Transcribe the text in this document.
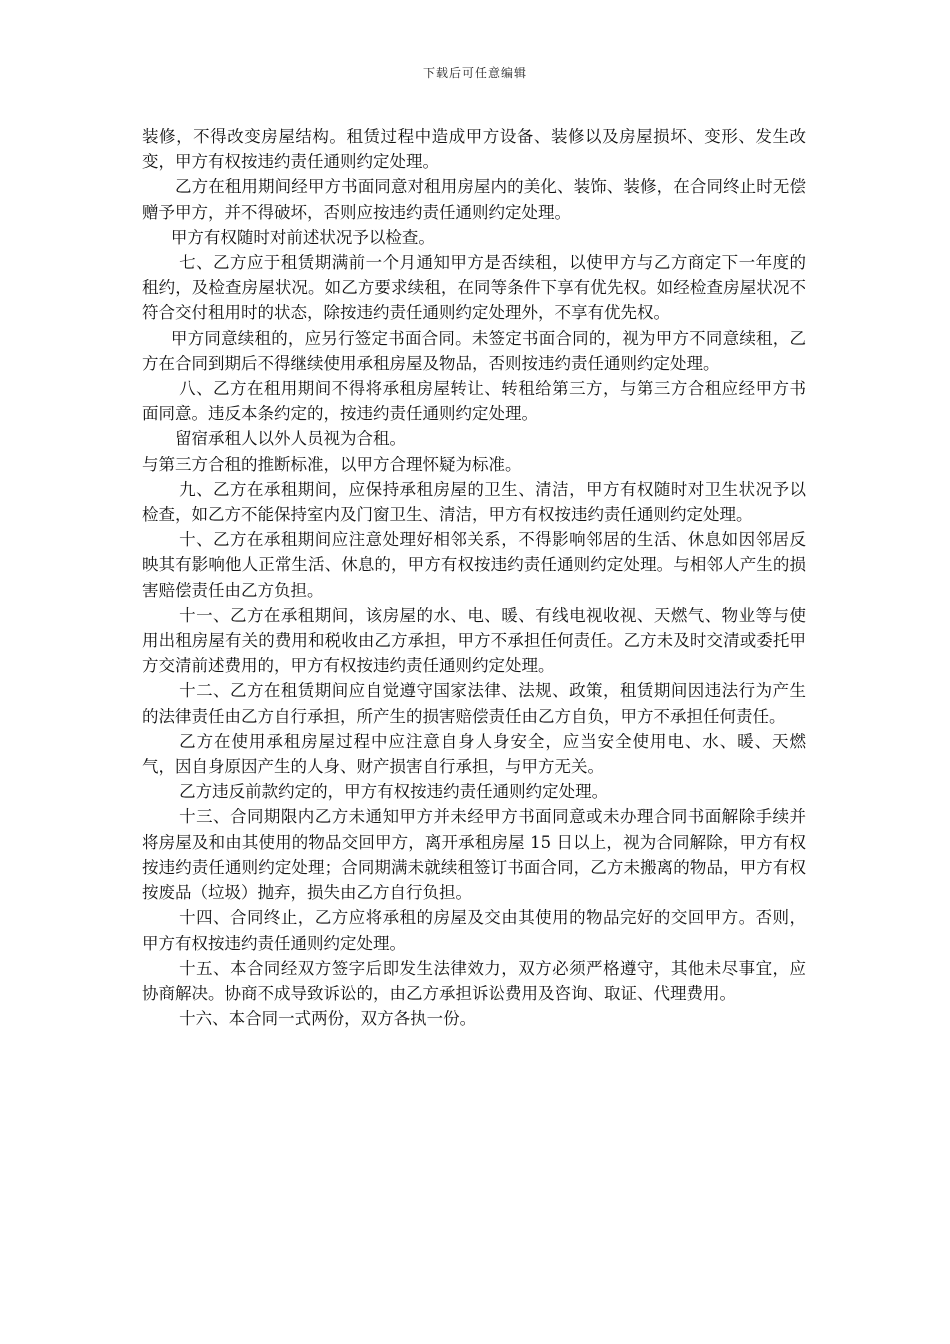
下载后可任意编辑

装修，不得改变房屋结构。租赁过程中造成甲方设备、装修以及房屋损坏、变形、发生改变，甲方有权按违约责任通则约定处理。

乙方在租用期间经甲方书面同意对租用房屋内的美化、装饰、装修，在合同终止时无偿赠予甲方，并不得破坏，否则应按违约责任通则约定处理。

甲方有权随时对前述状况予以检查。

七、乙方应于租赁期满前一个月通知甲方是否续租，以使甲方与乙方商定下一年度的租约，及检查房屋状况。如乙方要求续租，在同等条件下享有优先权。如经检查房屋状况不符合交付租用时的状态，除按违约责任通则约定处理外，不享有优先权。

甲方同意续租的，应另行签定书面合同。未签定书面合同的，视为甲方不同意续租，乙方在合同到期后不得继续使用承租房屋及物品，否则按违约责任通则约定处理。

八、乙方在租用期间不得将承租房屋转让、转租给第三方，与第三方合租应经甲方书面同意。违反本条约定的，按违约责任通则约定处理。

留宿承租人以外人员视为合租。

与第三方合租的推断标准，以甲方合理怀疑为标准。

九、乙方在承租期间，应保持承租房屋的卫生、清洁，甲方有权随时对卫生状况予以检查，如乙方不能保持室内及门窗卫生、清洁，甲方有权按违约责任通则约定处理。

十、乙方在承租期间应注意处理好相邻关系，不得影响邻居的生活、休息如因邻居反映其有影响他人正常生活、休息的，甲方有权按违约责任通则约定处理。与相邻人产生的损害赔偿责任由乙方负担。

十一、乙方在承租期间，该房屋的水、电、暖、有线电视收视、天燃气、物业等与使用出租房屋有关的费用和税收由乙方承担，甲方不承担任何责任。乙方未及时交清或委托甲方交清前述费用的，甲方有权按违约责任通则约定处理。

十二、乙方在租赁期间应自觉遵守国家法律、法规、政策，租赁期间因违法行为产生的法律责任由乙方自行承担，所产生的损害赔偿责任由乙方自负，甲方不承担任何责任。

乙方在使用承租房屋过程中应注意自身人身安全，应当安全使用电、水、暖、天燃气，因自身原因产生的人身、财产损害自行承担，与甲方无关。

乙方违反前款约定的，甲方有权按违约责任通则约定处理。

十三、合同期限内乙方未通知甲方并未经甲方书面同意或未办理合同书面解除手续并将房屋及和由其使用的物品交回甲方，离开承租房屋 15 日以上，视为合同解除，甲方有权按违约责任通则约定处理；合同期满未就续租签订书面合同，乙方未搬离的物品，甲方有权按废品（垃圾）抛弃，损失由乙方自行负担。

十四、合同终止，乙方应将承租的房屋及交由其使用的物品完好的交回甲方。否则，甲方有权按违约责任通则约定处理。

十五、本合同经双方签字后即发生法律效力，双方必须严格遵守，其他未尽事宜，应协商解决。协商不成导致诉讼的，由乙方承担诉讼费用及咨询、取证、代理费用。

十六、本合同一式两份，双方各执一份。
